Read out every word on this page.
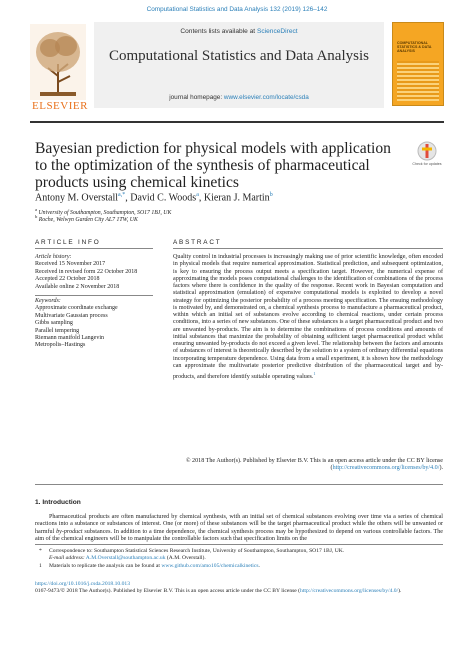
Computational Statistics and Data Analysis 132 (2019) 126–142
ELSEVIER
Contents lists available at ScienceDirect
Computational Statistics and Data Analysis
journal homepage: www.elsevier.com/locate/csda
COMPUTATIONAL STATISTICS & DATA ANALYSIS
Bayesian prediction for physical models with application to the optimization of the synthesis of pharmaceutical products using chemical kinetics
Check for updates
Antony M. Overstall$^{a,*}$, David C. Woods$^a$, Kieran J. Martin$^b$
$^a$ University of Southampton, Southampton, SO17 1BJ, UK
$^b$ Roche, Welwyn Garden City AL7 1TW, UK
ARTICLE INFO	ABSTRACT
Article history:
Received 15 November 2017
Received in revised form 22 October 2018
Accepted 22 October 2018
Available online 2 November 2018
Keywords:
Approximate coordinate exchange
Multivariate Gaussian process
Gibbs sampling
Parallel tempering
Riemann manifold Langevin
Metropolis–Hastings
Quality control in industrial processes is increasingly making use of prior scientific knowledge, often encoded in physical models that require numerical approximation. Statistical prediction, and subsequent optimization, is key to ensuring the process output meets a specification target. However, the numerical expense of approximating the models poses computational challenges to the identification of combinations of the process factors where there is confidence in the quality of the response. Recent work in Bayesian computation and statistical approximation (emulation) of expensive computational models is exploited to develop a novel strategy for optimizing the posterior probability of a process meeting specification. The ensuing methodology is motivated by, and demonstrated on, a chemical synthesis process to manufacture a pharmaceutical product, within which an initial set of substances evolve according to chemical reactions, under certain process conditions, into a series of new substances. One of these substances is a target pharmaceutical product and two are unwanted by-products. The aim is to determine the combinations of process conditions and amounts of initial substances that maximize the probability of obtaining sufficient target pharmaceutical product whilst ensuring unwanted by-products do not exceed a given level. The relationship between the factors and amounts of substances of interest is theoretically described by the solution to a system of ordinary differential equations incorporating temperature dependence. Using data from a small experiment, it is shown how the methodology can approximate the multivariate posterior predictive distribution of the pharmaceutical target and by-products, and therefore identify suitable operating values.$^1$
© 2018 The Author(s). Published by Elsevier B.V. This is an open access article under the CC BY license (http://creativecommons.org/licenses/by/4.0/).
1. Introduction
Pharmaceutical products are often manufactured by chemical synthesis, with an initial set of chemical substances evolving over time via a series of chemical reactions into a substance or substances of interest. One (or more) of these substances will be the target pharmaceutical product while the others will be unwanted or harmful by-product substances. In addition to a time dependence, the chemical synthesis process may be hypothesized to depend on various controllable factors. The aim of the chemical engineers will be to manipulate the controllable factors such that specification limits on the
* Correspondence to: Southampton Statistical Sciences Research Institute, University of Southampton, Southampton, SO17 1BJ, UK.
E-mail address: A.M.Overstall@southampton.ac.uk (A.M. Overstall).
1 Materials to replicate the analysis can be found at www.github.com/amo105/chemicalkinetics.
https://doi.org/10.1016/j.csda.2018.10.013
0167-9473/© 2018 The Author(s). Published by Elsevier B.V. This is an open access article under the CC BY license (http://creativecommons.org/licenses/by/4.0/).
